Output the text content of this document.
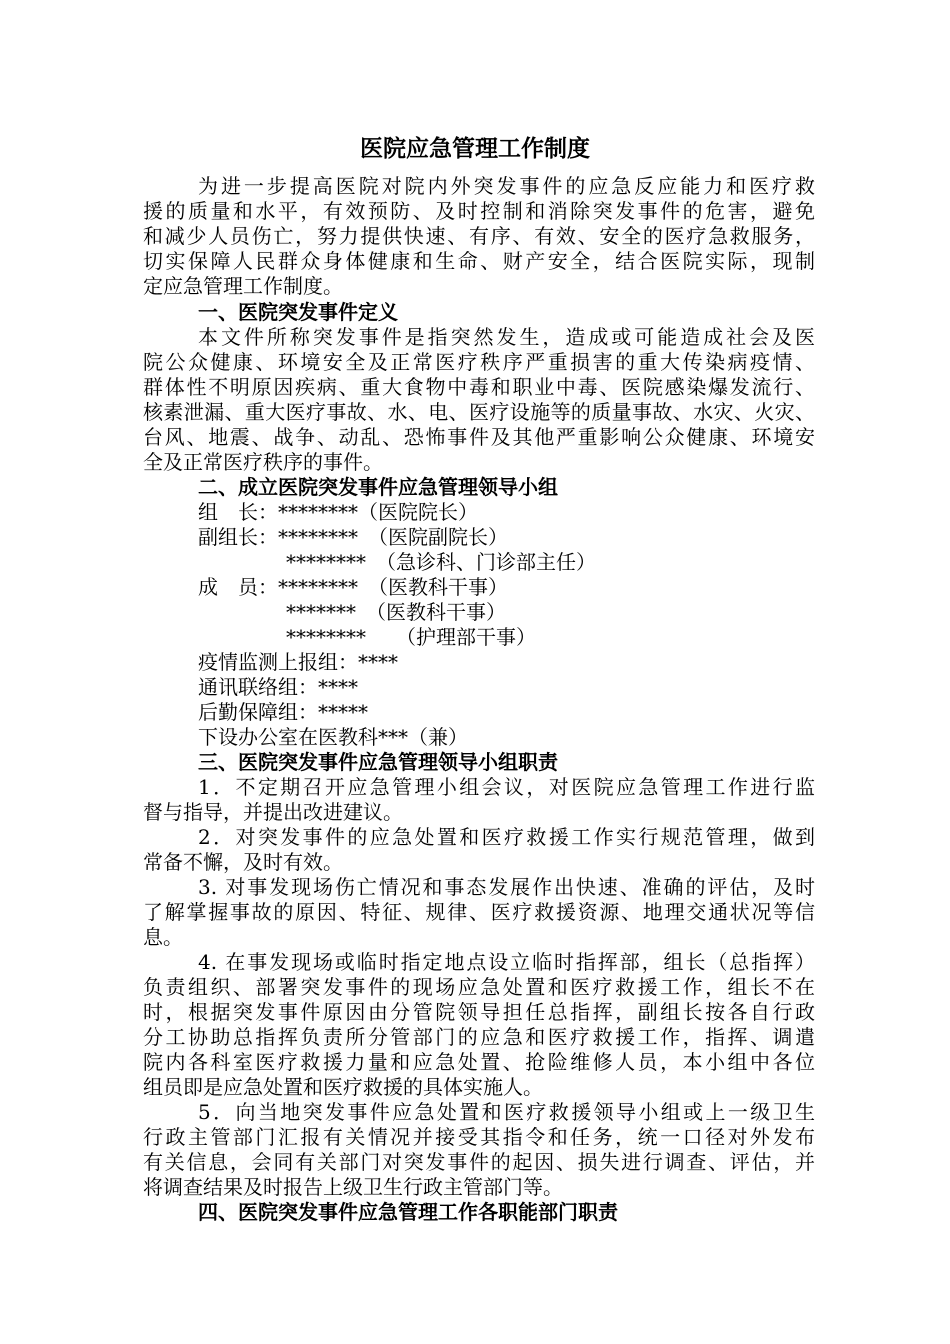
医院应急管理工作制度
为进一步提高医院对院内外突发事件的应急反应能力和医疗救
援的质量和水平，有效预防、及时控制和消除突发事件的危害，避免
和减少人员伤亡，努力提供快速、有序、有效、安全的医疗急救服务，
切实保障人民群众身体健康和生命、财产安全，结合医院实际，现制
定应急管理工作制度。
一、医院突发事件定义
本文件所称突发事件是指突然发生，造成或可能造成社会及医
院公众健康、环境安全及正常医疗秩序严重损害的重大传染病疫情、
群体性不明原因疾病、重大食物中毒和职业中毒、医院感染爆发流行、
核素泄漏、重大医疗事故、水、电、医疗设施等的质量事故、水灾、火灾、
台风、地震、战争、动乱、恐怖事件及其他严重影响公众健康、环境安
全及正常医疗秩序的事件。
二、成立医院突发事件应急管理领导小组
组　长：********（医院院长）
副组长：********　（医院副院长）
********　（急诊科、门诊部主任）
成　员：********　（医教科干事）
*******　（医教科干事）
********　　（护理部干事）
疫情监测上报组：****
通讯联络组：****
后勤保障组：*****
下设办公室在医教科***（兼）
三、医院突发事件应急管理领导小组职责
1．不定期召开应急管理小组会议，对医院应急管理工作进行监
督与指导，并提出改进建议。
2．对突发事件的应急处置和医疗救援工作实行规范管理，做到
常备不懈，及时有效。
3. 对事发现场伤亡情况和事态发展作出快速、准确的评估，及时
了解掌握事故的原因、特征、规律、医疗救援资源、地理交通状况等信
息。
4. 在事发现场或临时指定地点设立临时指挥部，组长（总指挥）
负责组织、部署突发事件的现场应急处置和医疗救援工作，组长不在
时，根据突发事件原因由分管院领导担任总指挥，副组长按各自行政
分工协助总指挥负责所分管部门的应急和医疗救援工作，指挥、调遣
院内各科室医疗救援力量和应急处置、抢险维修人员，本小组中各位
组员即是应急处置和医疗救援的具体实施人。
5．向当地突发事件应急处置和医疗救援领导小组或上一级卫生
行政主管部门汇报有关情况并接受其指令和任务，统一口径对外发布
有关信息，会同有关部门对突发事件的起因、损失进行调查、评估，并
将调查结果及时报告上级卫生行政主管部门等。
四、医院突发事件应急管理工作各职能部门职责
